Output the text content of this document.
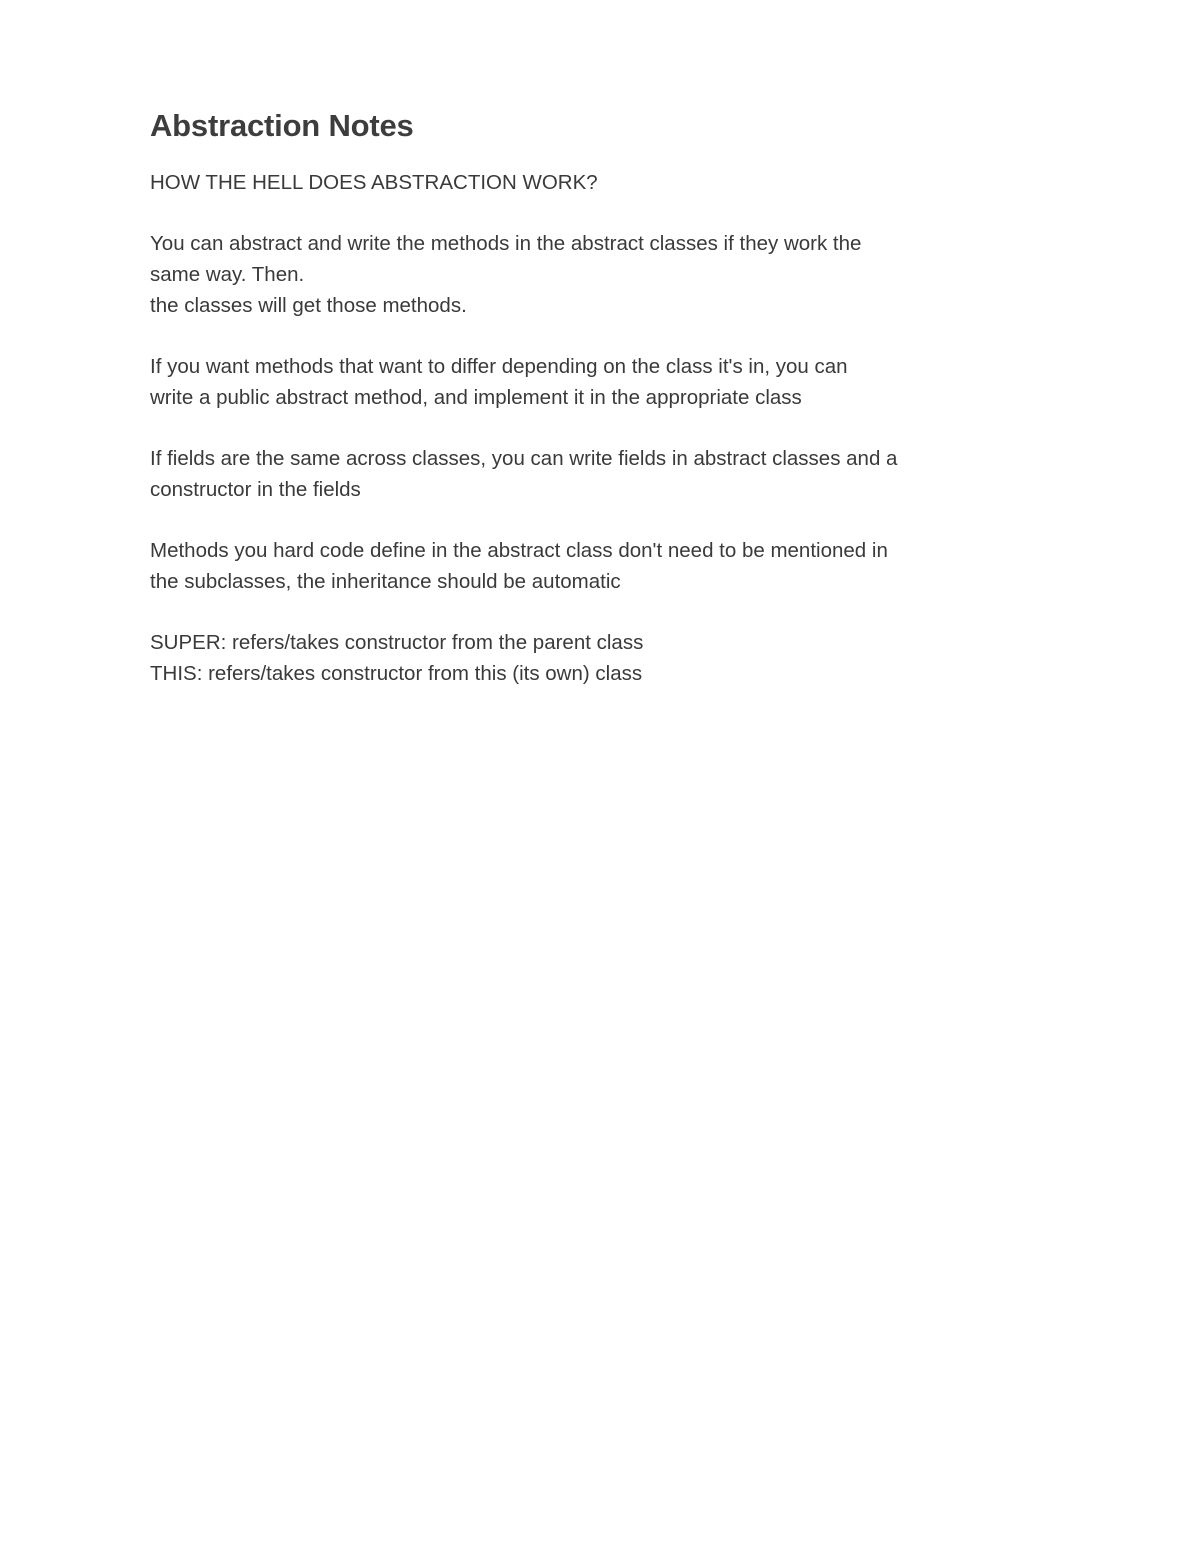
Abstraction Notes
HOW THE HELL DOES ABSTRACTION WORK?
You can abstract and write the methods in the abstract classes if they work the
same way. Then.
the classes will get those methods.
If you want methods that want to differ depending on the class it's in, you can
write a public abstract method, and implement it in the appropriate class
If fields are the same across classes, you can write fields in abstract classes and a
constructor in the fields
Methods you hard code define in the abstract class don't need to be mentioned in
the subclasses, the inheritance should be automatic
SUPER: refers/takes constructor from the parent class
THIS: refers/takes constructor from this (its own) class
